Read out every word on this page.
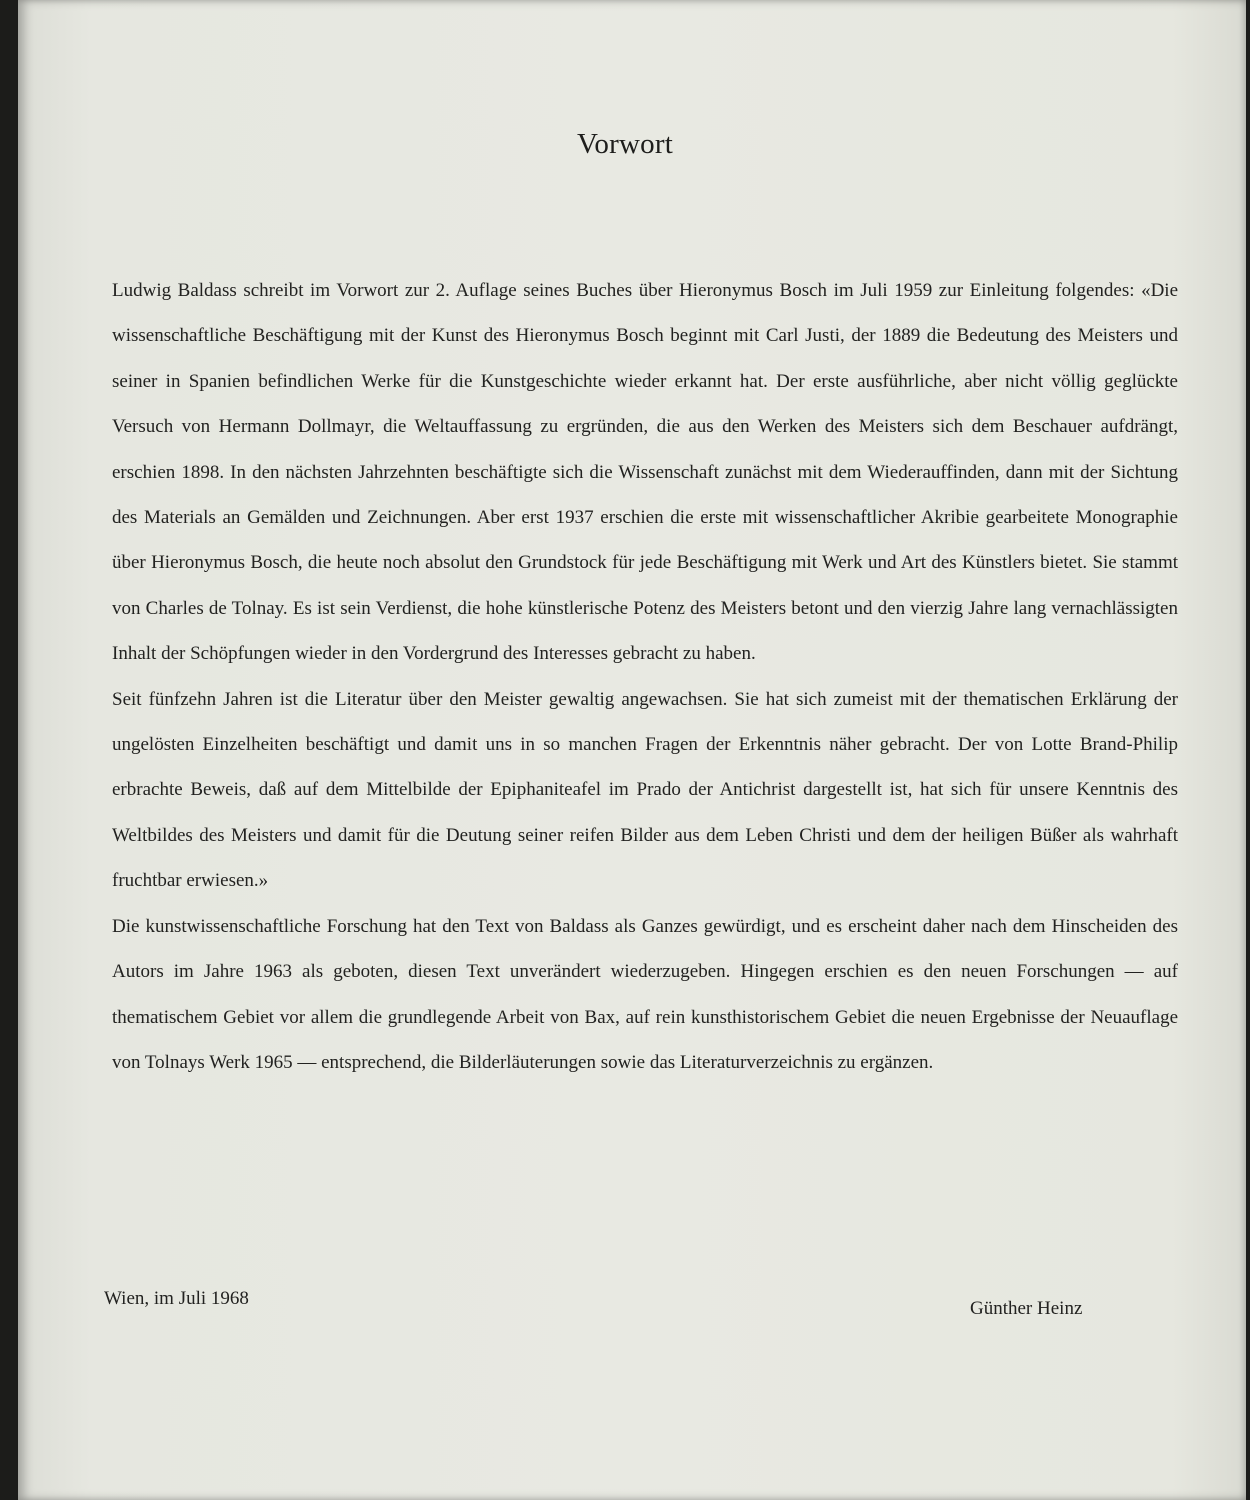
Vorwort

Ludwig Baldass schreibt im Vorwort zur 2. Auflage seines Buches über Hieronymus Bosch im Juli 1959 zur Einleitung folgendes: «Die wissenschaftliche Beschäftigung mit der Kunst des Hieronymus Bosch beginnt mit Carl Justi, der 1889 die Bedeutung des Meisters und seiner in Spanien befindlichen Werke für die Kunstgeschichte wieder erkannt hat. Der erste ausführliche, aber nicht völlig geglückte Versuch von Hermann Dollmayr, die Weltauffassung zu ergründen, die aus den Werken des Meisters sich dem Beschauer aufdrängt, erschien 1898. In den nächsten Jahrzehnten beschäftigte sich die Wissenschaft zunächst mit dem Wiederauffinden, dann mit der Sichtung des Materials an Gemälden und Zeichnungen. Aber erst 1937 erschien die erste mit wissenschaftlicher Akribie gearbeitete Monographie über Hieronymus Bosch, die heute noch absolut den Grundstock für jede Beschäftigung mit Werk und Art des Künstlers bietet. Sie stammt von Charles de Tolnay. Es ist sein Verdienst, die hohe künstlerische Potenz des Meisters betont und den vierzig Jahre lang vernachlässigten Inhalt der Schöpfungen wieder in den Vordergrund des Interesses gebracht zu haben.

Seit fünfzehn Jahren ist die Literatur über den Meister gewaltig angewachsen. Sie hat sich zumeist mit der thematischen Erklärung der ungelösten Einzelheiten beschäftigt und damit uns in so manchen Fragen der Erkenntnis näher gebracht. Der von Lotte Brand-Philip erbrachte Beweis, daß auf dem Mittelbilde der Epiphaniteafel im Prado der Antichrist dargestellt ist, hat sich für unsere Kenntnis des Weltbildes des Meisters und damit für die Deutung seiner reifen Bilder aus dem Leben Christi und dem der heiligen Büßer als wahrhaft fruchtbar erwiesen.»

Die kunstwissenschaftliche Forschung hat den Text von Baldass als Ganzes gewürdigt, und es erscheint daher nach dem Hinscheiden des Autors im Jahre 1963 als geboten, diesen Text unverändert wiederzugeben. Hingegen erschien es den neuen Forschungen — auf thematischem Gebiet vor allem die grundlegende Arbeit von Bax, auf rein kunsthistorischem Gebiet die neuen Ergebnisse der Neuauflage von Tolnays Werk 1965 — entsprechend, die Bilderläuterungen sowie das Literaturverzeichnis zu ergänzen.

Wien, im Juli 1968	Günther Heinz
